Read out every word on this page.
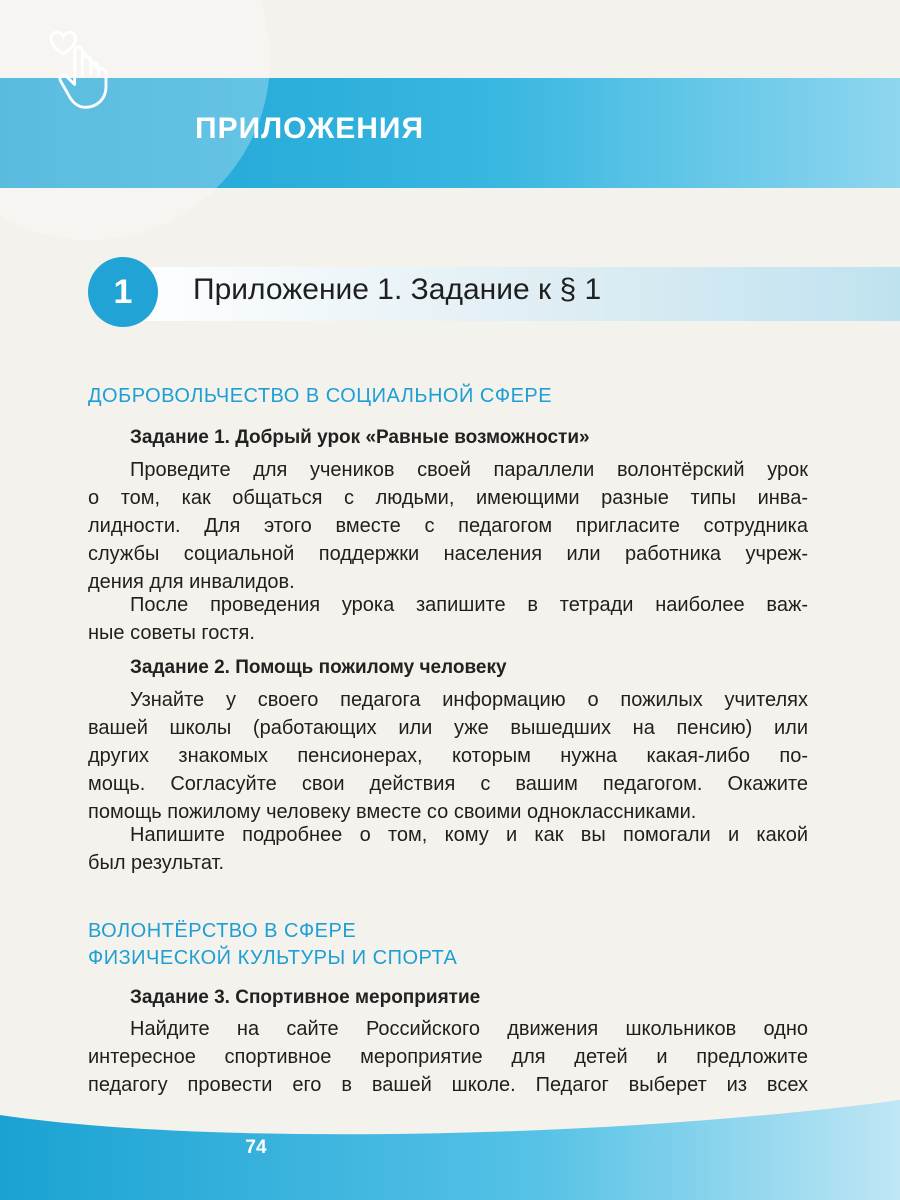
ПРИЛОЖЕНИЯ
1	Приложение 1. Задание к § 1
ДОБРОВОЛЬЧЕСТВО В СОЦИАЛЬНОЙ СФЕРЕ
Задание 1. Добрый урок «Равные возможности»

Проведите для учеников своей параллели волонтёрский урок
о том, как общаться с людьми, имеющими разные типы инва-
лидности. Для этого вместе с педагогом пригласите сотрудника
службы социальной поддержки населения или работника учреж-
дения для инвалидов.

После проведения урока запишите в тетради наиболее важ-
ные советы гостя.

Задание 2. Помощь пожилому человеку

Узнайте у своего педагога информацию о пожилых учителях
вашей школы (работающих или уже вышедших на пенсию) или
других знакомых пенсионерах, которым нужна какая-либо по-
мощь. Согласуйте свои действия с вашим педагогом. Окажите
помощь пожилому человеку вместе со своими одноклассниками.

Напишите подробнее о том, кому и как вы помогали и какой
был результат.

ВОЛОНТЁРСТВО В СФЕРЕ
ФИЗИЧЕСКОЙ КУЛЬТУРЫ И СПОРТА
Задание 3. Спортивное мероприятие

Найдите на сайте Российского движения школьников одно
интересное спортивное мероприятие для детей и предложите
педагогу провести его в вашей школе. Педагог выберет из всех

74
